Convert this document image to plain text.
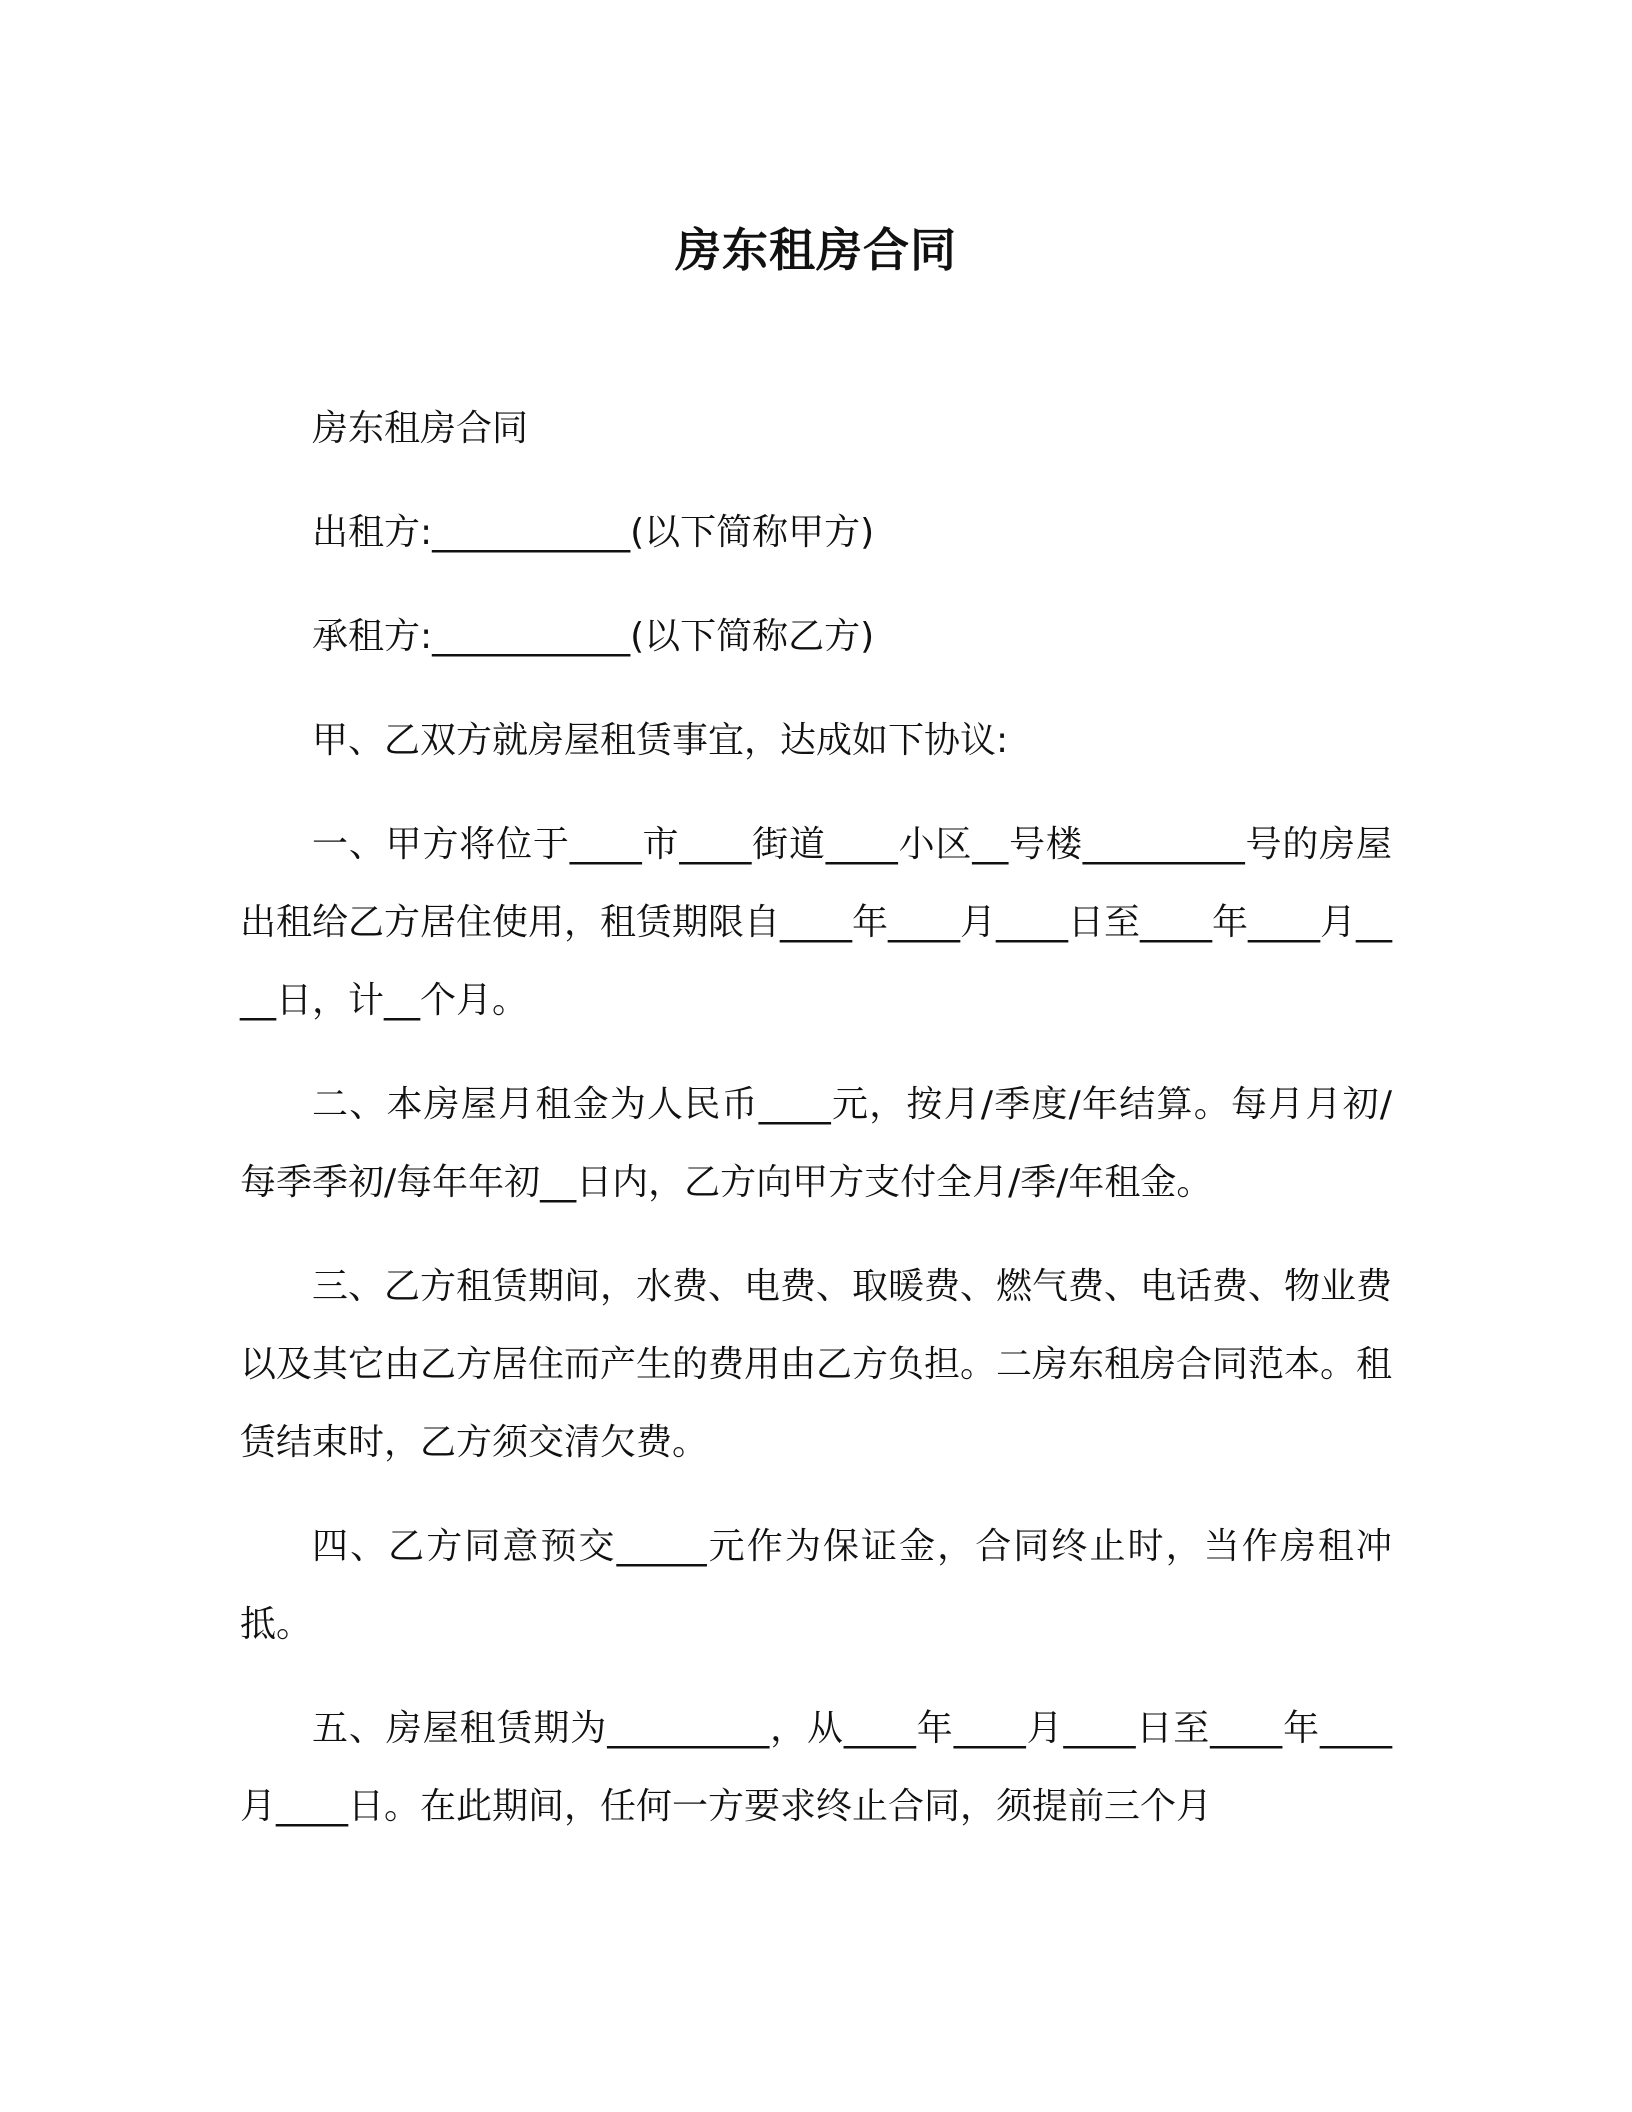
房东租房合同

房东租房合同

出租方:___________(以下简称甲方)

承租方:___________(以下简称乙方)

甲、乙双方就房屋租赁事宜，达成如下协议:

一、甲方将位于____市____街道____小区__号楼_________号的房屋出租给乙方居住使用，租赁期限自____年____月____日至____年____月____日，计__个月。

二、本房屋月租金为人民币____元，按月/季度/年结算。每月月初/每季季初/每年年初__日内，乙方向甲方支付全月/季/年租金。

三、乙方租赁期间，水费、电费、取暖费、燃气费、电话费、物业费以及其它由乙方居住而产生的费用由乙方负担。二房东租房合同范本。租赁结束时，乙方须交清欠费。

四、乙方同意预交_____元作为保证金，合同终止时，当作房租冲抵。

五、房屋租赁期为_________，从____年____月____日至____年____月____日。在此期间，任何一方要求终止合同，须提前三个月
